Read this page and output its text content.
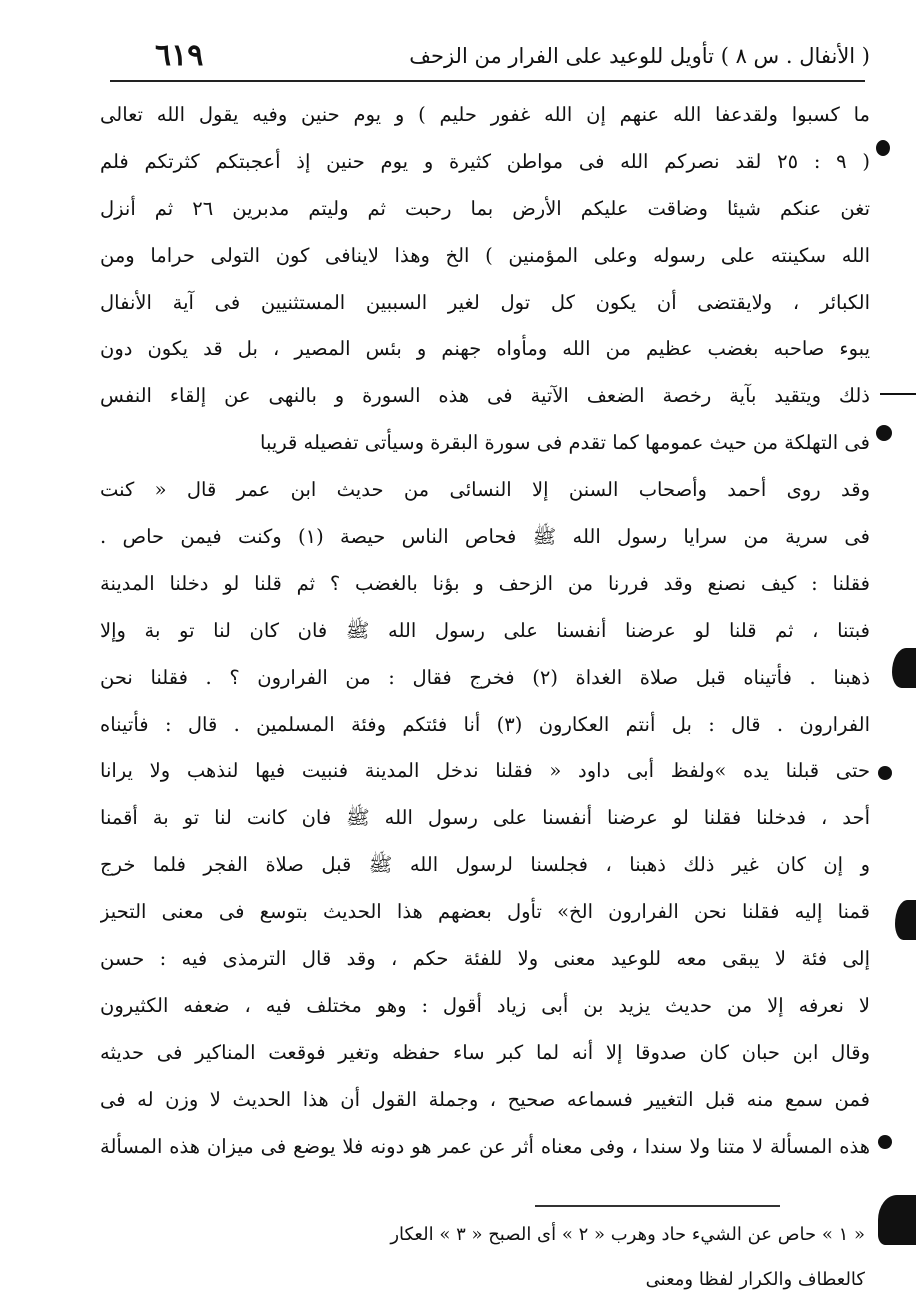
( الأنفال . س ٨ ) تأويل للوعيد على الفرار من الزحف
٦١٩
ما كسبوا ولقدعفا الله عنهم إن الله غفور حليم ) و يوم حنين وفيه يقول الله تعالى
( ٩ : ٢٥ لقد نصركم الله فى مواطن كثيرة و يوم حنين إذ أعجبتكم كثرتكم فلم
تغن عنكم شيئا وضاقت عليكم الأرض بما رحبت ثم وليتم مدبرين ٢٦ ثم أنزل
الله سكينته على رسوله وعلى المؤمنين ) الخ وهذا لاينافى كون التولى حراما ومن
الكبائر ، ولايقتضى أن يكون كل تول لغير السببين المستثنيين فى آية الأنفال
يبوء صاحبه بغضب عظيم من الله ومأواه جهنم و بئس المصير ، بل قد يكون دون
ذلك ويتقيد بآية رخصة الضعف الآتية فى هذه السورة و بالنهى عن إلقاء النفس
فى التهلكة من حيث عمومها كما تقدم فى سورة البقرة وسيأتى تفصيله قريبا
وقد روى أحمد وأصحاب السنن إلا النسائى من حديث ابن عمر قال « كنت
فى سرية من سرايا رسول الله ﷺ فحاص الناس حيصة (١) وكنت فيمن حاص .
فقلنا : كيف نصنع وقد فررنا من الزحف و بؤنا بالغضب ؟ ثم قلنا لو دخلنا المدينة
فبتنا ، ثم قلنا لو عرضنا أنفسنا على رسول الله ﷺ فان كان لنا تو بة وإلا
ذهبنا . فأتيناه قبل صلاة الغداة (٢) فخرج فقال : من الفرارون ؟ . فقلنا نحن
الفرارون . قال : بل أنتم العكارون (٣) أنا فئتكم وفئة المسلمين . قال : فأتيناه
حتى قبلنا يده »ولفظ أبى داود « فقلنا ندخل المدينة فنبيت فيها لنذهب ولا يرانا
أحد ، فدخلنا فقلنا لو عرضنا أنفسنا على رسول الله ﷺ فان كانت لنا تو بة أقمنا
و إن كان غير ذلك ذهبنا ، فجلسنا لرسول الله ﷺ قبل صلاة الفجر فلما خرج
قمنا إليه فقلنا نحن الفرارون الخ» تأول بعضهم هذا الحديث بتوسع فى معنى التحيز
إلى فئة لا يبقى معه للوعيد معنى ولا للفئة حكم ، وقد قال الترمذى فيه : حسن
لا نعرفه إلا من حديث يزيد بن أبى زياد أقول : وهو مختلف فيه ، ضعفه الكثيرون
وقال ابن حبان كان صدوقا إلا أنه لما كبر ساء حفظه وتغير فوقعت المناكير فى حديثه
فمن سمع منه قبل التغيير فسماعه صحيح ، وجملة القول أن هذا الحديث لا وزن له فى
هذه المسألة لا متنا ولا سندا ، وفى معناه أثر عن عمر هو دونه فلا يوضع فى ميزان هذه المسألة
« ١ » حاص عن الشيء حاد وهرب « ٢ » أى الصبح « ٣ » العكار
كالعطاف والكرار لفظا ومعنى
